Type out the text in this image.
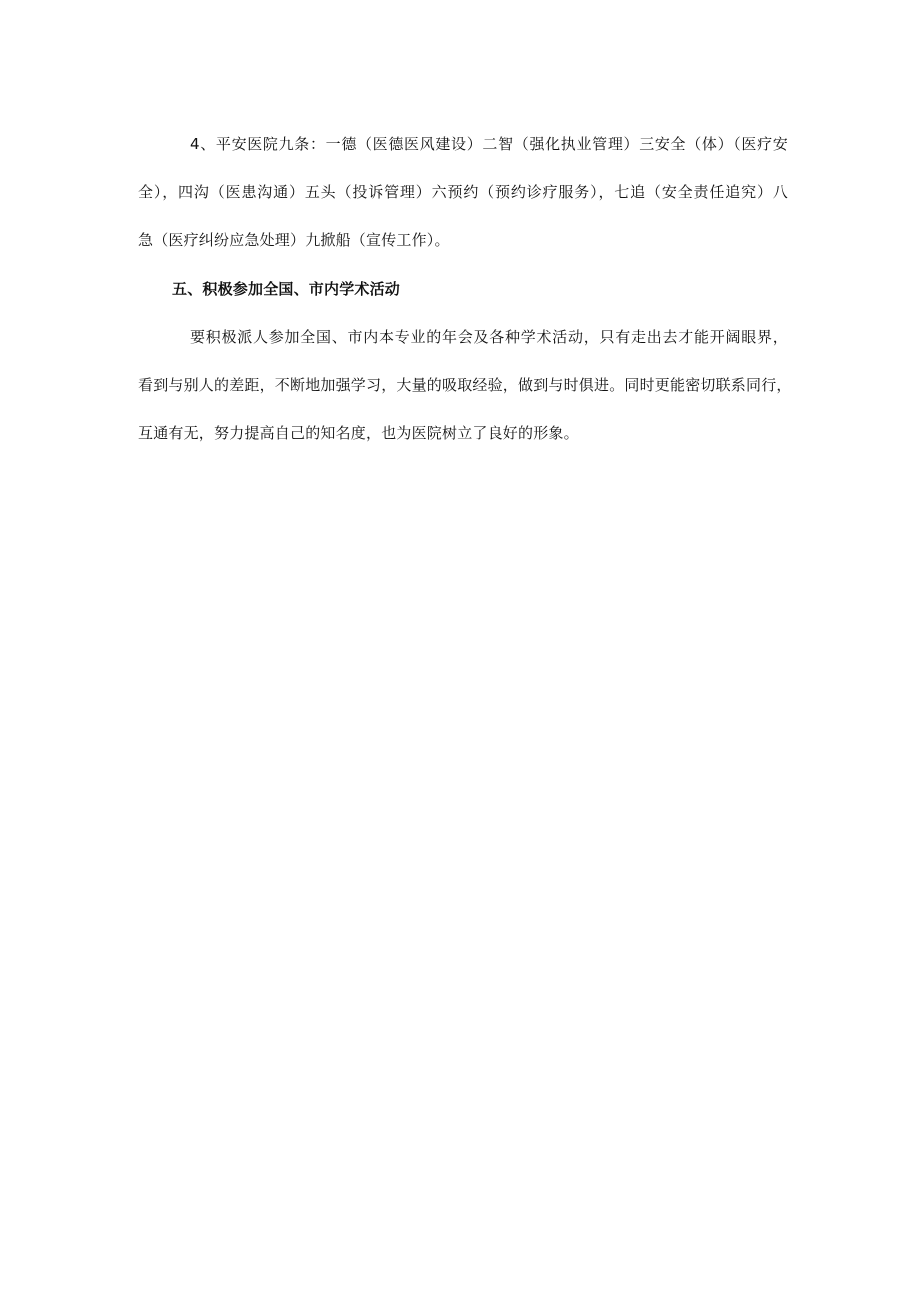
4、平安医院九条：一德（医德医风建设）二智（强化执业管理）三安全（体）（医疗安
全），四沟（医患沟通）五头（投诉管理）六预约（预约诊疗服务），七追（安全责任追究）八
急（医疗纠纷应急处理）九掀船（宣传工作）。
五、积极参加全国、市内学术活动
要积极派人参加全国、市内本专业的年会及各种学术活动，只有走出去才能开阔眼界，
看到与别人的差距，不断地加强学习，大量的吸取经验，做到与时俱进。同时更能密切联系同行，
互通有无，努力提高自己的知名度，也为医院树立了良好的形象。
